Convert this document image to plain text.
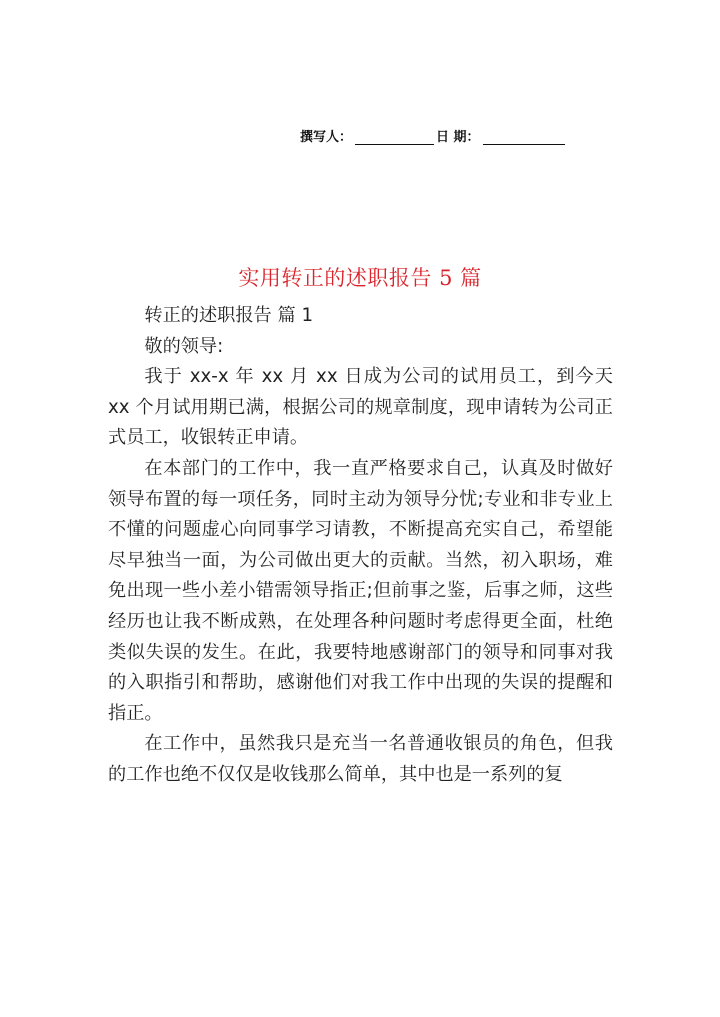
撰写人：	日 期：
实用转正的述职报告 5 篇

转正的述职报告 篇 1

敬的领导:

我于 xx-x 年 xx 月 xx 日成为公司的试用员工，到今天 xx 个月试用期已满，根据公司的规章制度，现申请转为公司正式员工，收银转正申请。

在本部门的工作中，我一直严格要求自己，认真及时做好领导布置的每一项任务，同时主动为领导分忧;专业和非专业上不懂的问题虚心向同事学习请教，不断提高充实自己，希望能尽早独当一面，为公司做出更大的贡献。当然，初入职场，难免出现一些小差小错需领导指正;但前事之鉴，后事之师，这些经历也让我不断成熟，在处理各种问题时考虑得更全面，杜绝类似失误的发生。在此，我要特地感谢部门的领导和同事对我的入职指引和帮助，感谢他们对我工作中出现的失误的提醒和指正。

在工作中，虽然我只是充当一名普通收银员的角色，但我的工作也绝不仅仅是收钱那么简单，其中也是一系列的复
